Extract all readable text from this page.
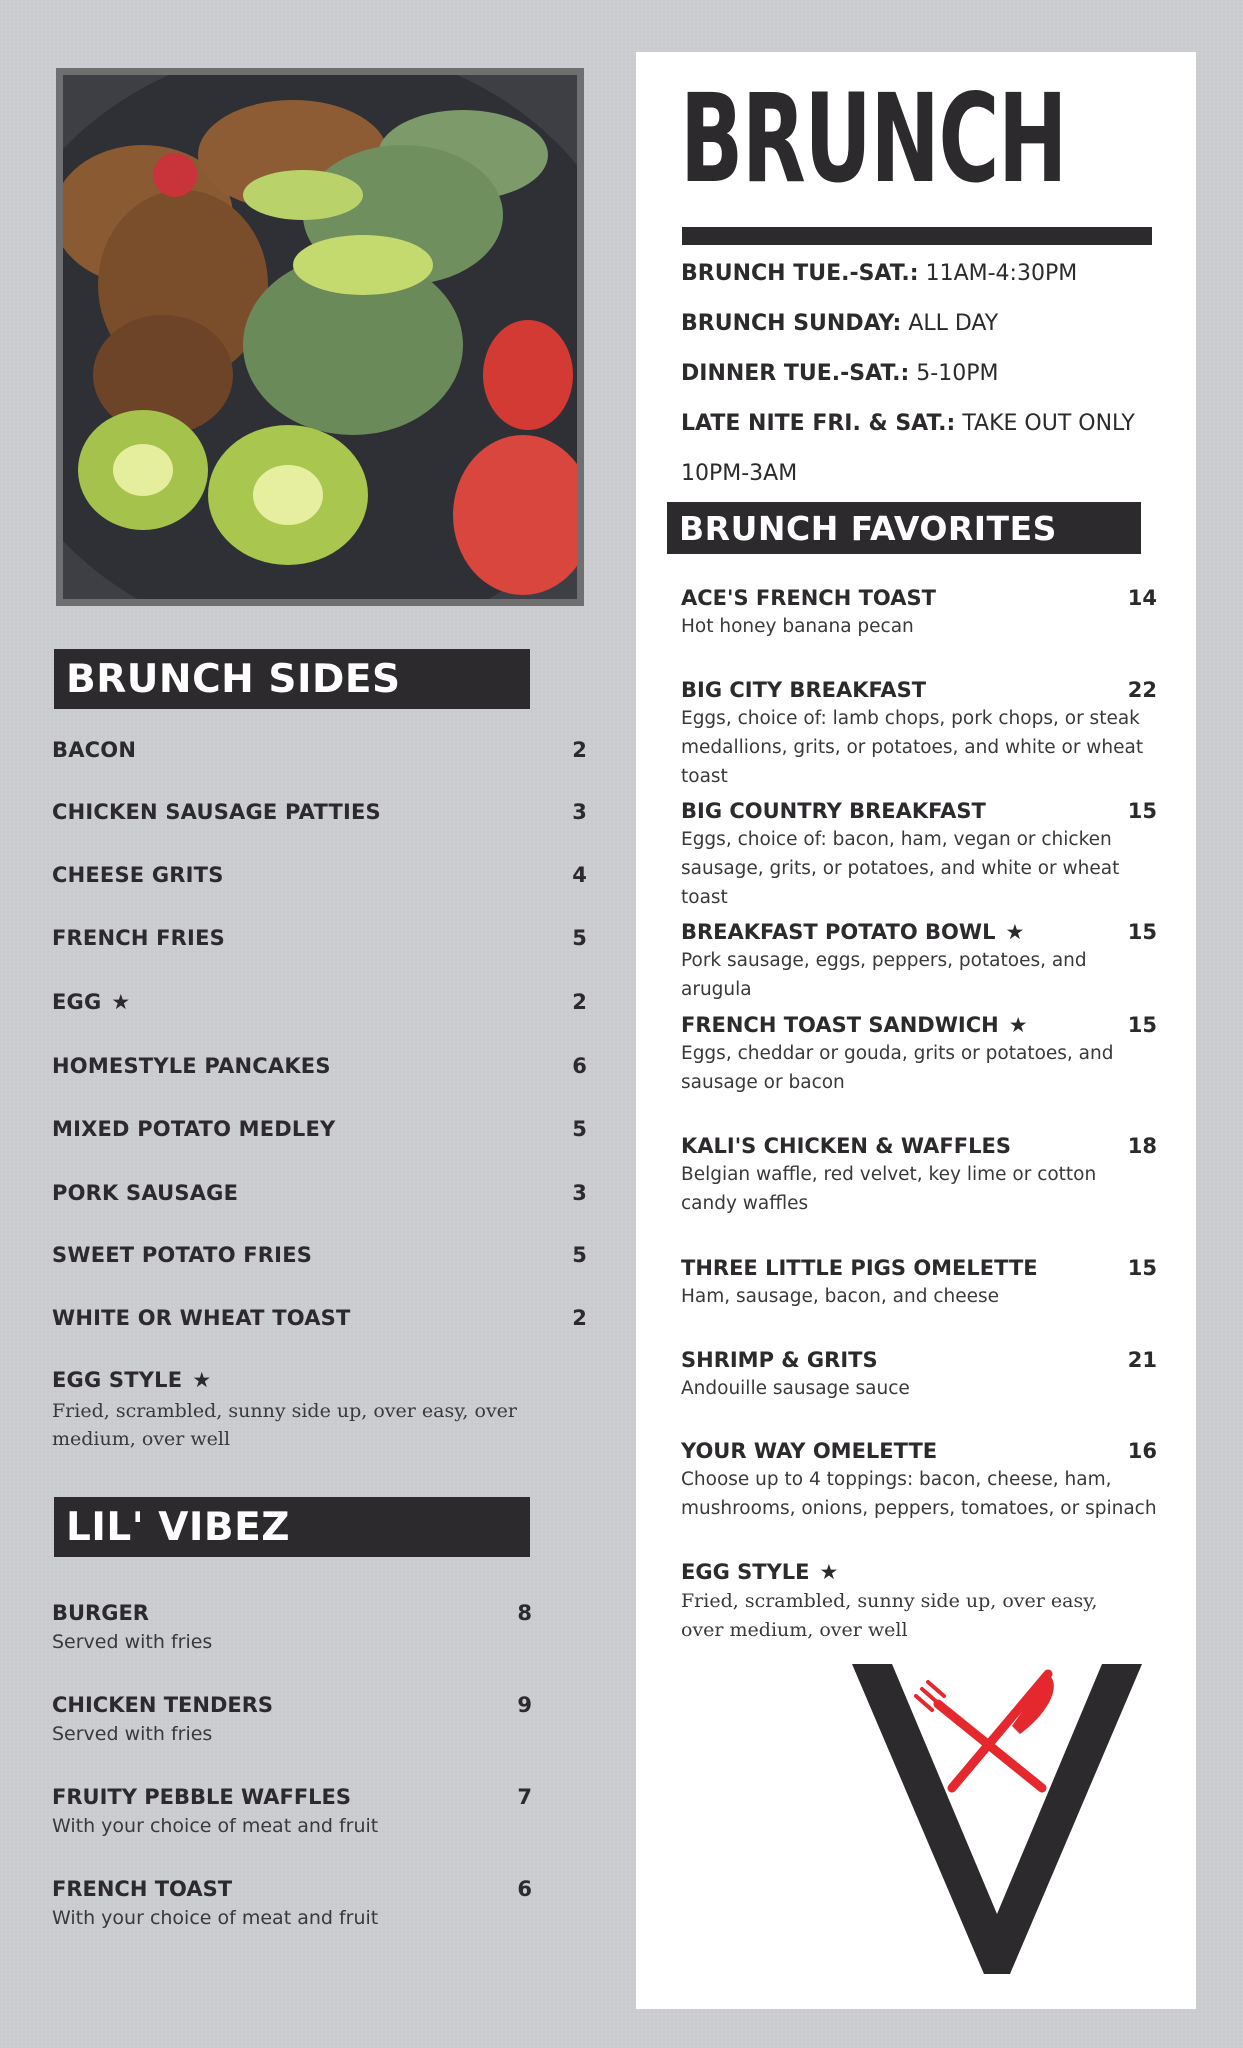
BRUNCH SIDES
BACON	2
CHICKEN SAUSAGE PATTIES	3
CHEESE GRITS	4
FRENCH FRIES	5
EGG ★	2
HOMESTYLE PANCAKES	6
MIXED POTATO MEDLEY	5
PORK SAUSAGE	3
SWEET POTATO FRIES	5
WHITE OR WHEAT TOAST	2
EGG STYLE ★
Fried, scrambled, sunny side up, over easy, over medium, over well
LIL' VIBEZ
BURGER	8
Served with fries
CHICKEN TENDERS	9
Served with fries
FRUITY PEBBLE WAFFLES	7
With your choice of meat and fruit
FRENCH TOAST	6
With your choice of meat and fruit
BRUNCH
BRUNCH TUE.-SAT.: 11AM-4:30PM
BRUNCH SUNDAY: ALL DAY
DINNER TUE.-SAT.: 5-10PM
LATE NITE FRI. & SAT.: TAKE OUT ONLY
10PM-3AM
BRUNCH FAVORITES
ACE'S FRENCH TOAST	14
Hot honey banana pecan
BIG CITY BREAKFAST	22
Eggs, choice of: lamb chops, pork chops, or steak medallions, grits, or potatoes, and white or wheat toast
BIG COUNTRY BREAKFAST	15
Eggs, choice of: bacon, ham, vegan or chicken sausage, grits, or potatoes, and white or wheat toast
BREAKFAST POTATO BOWL ★	15
Pork sausage, eggs, peppers, potatoes, and arugula
FRENCH TOAST SANDWICH ★	15
Eggs, cheddar or gouda, grits or potatoes, and sausage or bacon
KALI'S CHICKEN & WAFFLES	18
Belgian waffle, red velvet, key lime or cotton candy waffles
THREE LITTLE PIGS OMELETTE	15
Ham, sausage, bacon, and cheese
SHRIMP & GRITS	21
Andouille sausage sauce
YOUR WAY OMELETTE	16
Choose up to 4 toppings: bacon, cheese, ham, mushrooms, onions, peppers, tomatoes, or spinach
EGG STYLE ★
Fried, scrambled, sunny side up, over easy, over medium, over well
